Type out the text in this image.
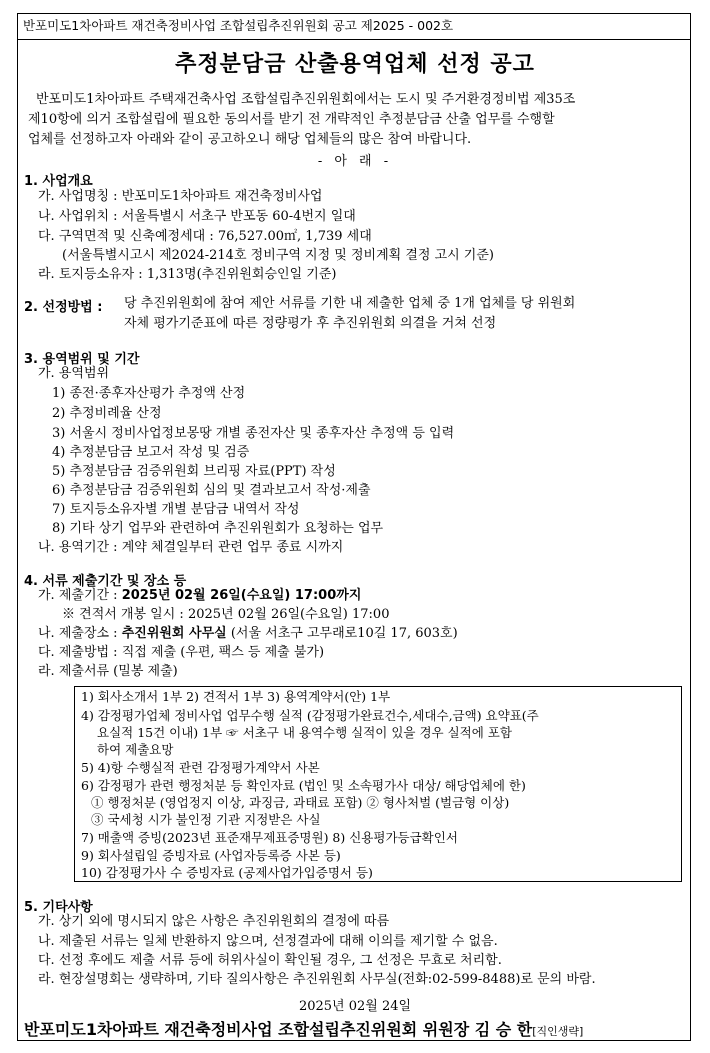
반포미도1차아파트 재건축정비사업 조합설립추진위원회 공고 제2025 - 002호
추정분담금 산출용역업체 선정 공고
반포미도1차아파트 주택재건축사업 조합설립추진위원회에서는 도시 및 주거환경정비법 제35조
제10항에 의거 조합설립에 필요한 동의서를 받기 전 개략적인 추정분담금 산출 업무를 수행할
업체를 선정하고자 아래와 같이 공고하오니 해당 업체들의 많은 참여 바랍니다.
- 아 래 -
1. 사업개요
가. 사업명칭 : 반포미도1차아파트 재건축정비사업
나. 사업위치 : 서울특별시 서초구 반포동 60-4번지 일대
다. 구역면적 및 신축예정세대 : 76,527.00㎡, 1,739 세대
(서울특별시고시 제2024-214호 정비구역 지정 및 정비계획 결정 고시 기준)
라. 토지등소유자 : 1,313명(추진위원회승인일 기준)
2. 선정방법 : 당 추진위원회에 참여 제안 서류를 기한 내 제출한 업체 중 1개 업체를 당 위원회
자체 평가기준표에 따른 정량평가 후 추진위원회 의결을 거쳐 선정
3. 용역범위 및 기간
가. 용역범위
1) 종전·종후자산평가 추정액 산정
2) 추정비례율 산정
3) 서울시 정비사업정보몽땅 개별 종전자산 및 종후자산 추정액 등 입력
4) 추정분담금 보고서 작성 및 검증
5) 추정분담금 검증위원회 브리핑 자료(PPT) 작성
6) 추정분담금 검증위원회 심의 및 결과보고서 작성·제출
7) 토지등소유자별 개별 분담금 내역서 작성
8) 기타 상기 업무와 관련하여 추진위원회가 요청하는 업무
나. 용역기간 : 계약 체결일부터 관련 업무 종료 시까지
4. 서류 제출기간 및 장소 등
가. 제출기간 : 2025년 02월 26일(수요일) 17:00까지
※ 견적서 개봉 일시 : 2025년 02월 26일(수요일) 17:00
나. 제출장소 : 추진위원회 사무실 (서울 서초구 고무래로10길 17, 603호)
다. 제출방법 : 직접 제출 (우편, 팩스 등 제출 불가)
라. 제출서류 (밀봉 제출)
1) 회사소개서 1부 2) 견적서 1부 3) 용역계약서(안) 1부
4) 감정평가업체 정비사업 업무수행 실적 (감정평가완료건수,세대수,금액) 요약표(주
요실적 15건 이내) 1부 ☞ 서초구 내 용역수행 실적이 있을 경우 실적에 포함
하여 제출요망
5) 4)항 수행실적 관련 감정평가계약서 사본
6) 감정평가 관련 행정처분 등 확인자료 (법인 및 소속평가사 대상/ 해당업체에 한)
① 행정처분 (영업정지 이상, 과징금, 과태료 포함) ② 형사처벌 (벌금형 이상)
③ 국세청 시가 불인정 기관 지정받은 사실
7) 매출액 증빙(2023년 표준재무제표증명원) 8) 신용평가등급확인서
9) 회사설립일 증빙자료 (사업자등록증 사본 등)
10) 감정평가사 수 증빙자료 (공제사업가입증명서 등)
5. 기타사항
가. 상기 외에 명시되지 않은 사항은 추진위원회의 결정에 따름
나. 제출된 서류는 일체 반환하지 않으며, 선정결과에 대해 이의를 제기할 수 없음.
다. 선정 후에도 제출 서류 등에 허위사실이 확인될 경우, 그 선정은 무효로 처리함.
라. 현장설명회는 생략하며, 기타 질의사항은 추진위원회 사무실(전화:02-599-8488)로 문의 바람.
2025년 02월 24일
반포미도1차아파트 재건축정비사업 조합설립추진위원회 위원장 김 승 한[직인생략]
